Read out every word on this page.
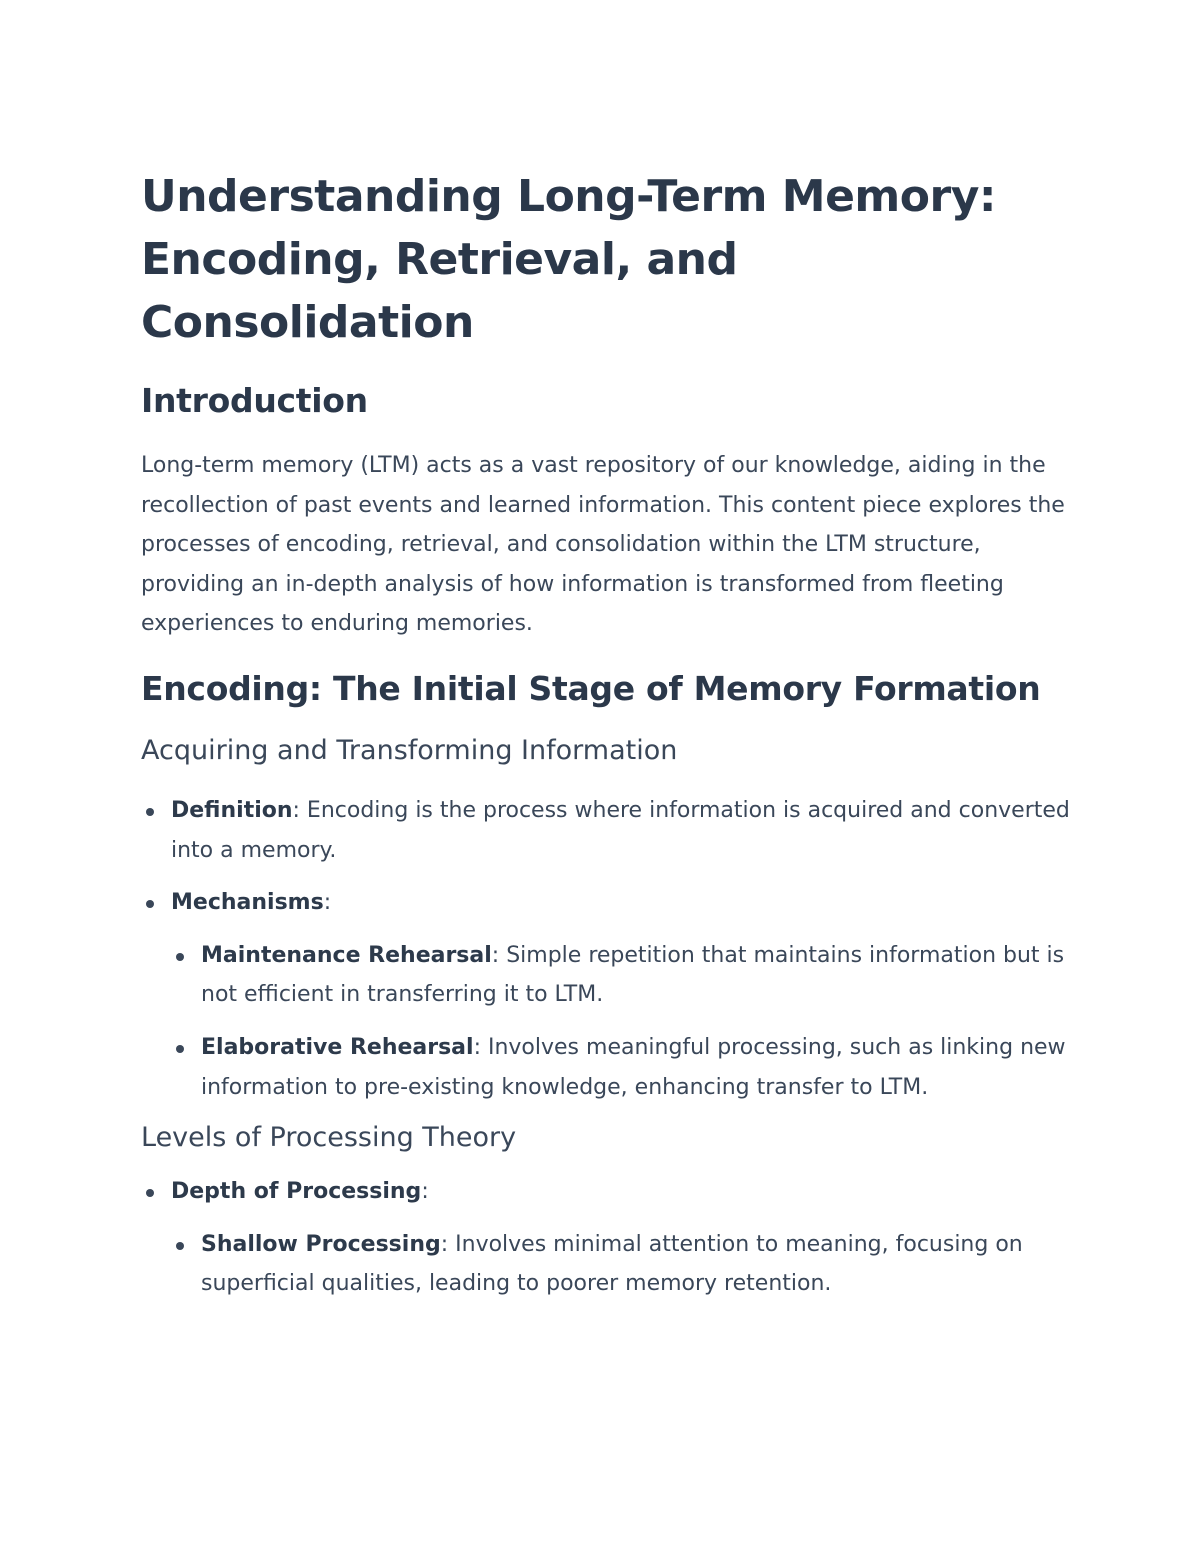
Understanding Long-Term Memory:
Encoding, Retrieval, and Consolidation
Introduction

Long-term memory (LTM) acts as a vast repository of our knowledge, aiding in the recollection of past events and learned information. This content piece explores the processes of encoding, retrieval, and consolidation within the LTM structure, providing an in-depth analysis of how information is transformed from fleeting experiences to enduring memories.

Encoding: The Initial Stage of Memory Formation
Acquiring and Transforming Information
Definition: Encoding is the process where information is acquired and converted into a memory.
Mechanisms:
Maintenance Rehearsal: Simple repetition that maintains information but is not efficient in transferring it to LTM.
Elaborative Rehearsal: Involves meaningful processing, such as linking new information to pre-existing knowledge, enhancing transfer to LTM.
Levels of Processing Theory
Depth of Processing:
Shallow Processing: Involves minimal attention to meaning, focusing on superficial qualities, leading to poorer memory retention.
